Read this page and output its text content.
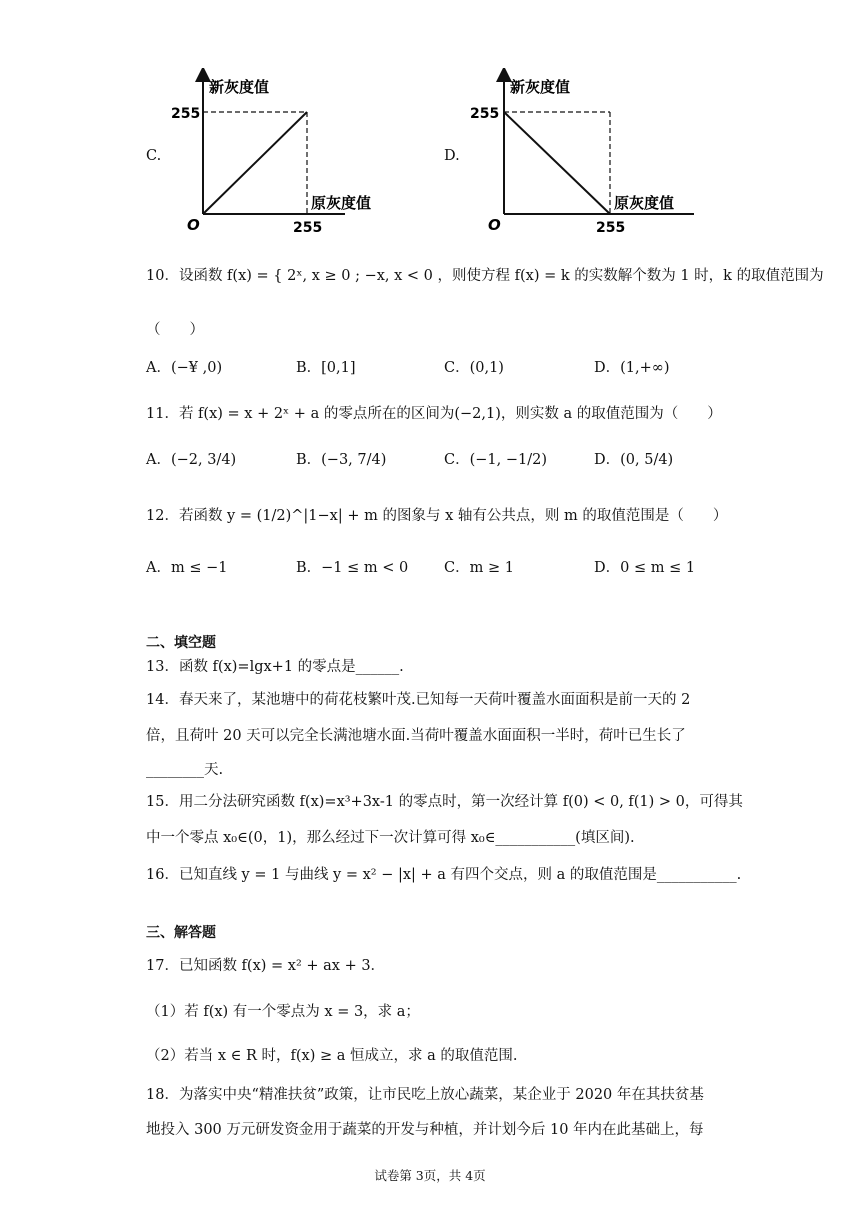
C.
新灰度值
255
O	255
原灰度值
D.
新灰度值
255
O	255
原灰度值
10．设函数 f(x) = { 2ˣ, x ≥ 0 ; −x, x < 0 ，则使方程 f(x) = k 的实数解个数为 1 时，k 的取值范围为
（　　）
A．(−¥ ,0)	B．[0,1]	C．(0,1)	D．(1,+∞)
11．若 f(x) = x + 2ˣ + a 的零点所在的区间为(−2,1)，则实数 a 的取值范围为（　　）
A．(−2, 3/4)	B．(−3, 7/4)	C．(−1, −1/2)	D．(0, 5/4)
12．若函数 y = (1/2)^|1−x| + m 的图象与 x 轴有公共点，则 m 的取值范围是（　　）
A．m ≤ −1	B．−1 ≤ m < 0 C．m ≥ 1	D．0 ≤ m ≤ 1
二、填空题
13．函数 f(x)=lgx+1 的零点是______.
14．春天来了，某池塘中的荷花枝繁叶茂.已知每一天荷叶覆盖水面面积是前一天的 2
倍，且荷叶 20 天可以完全长满池塘水面.当荷叶覆盖水面面积一半时，荷叶已生长了
________天.
15．用二分法研究函数 f(x)=x³+3x-1 的零点时，第一次经计算 f(0) < 0, f(1) > 0，可得其
中一个零点 x₀∈(0，1)，那么经过下一次计算可得 x₀∈___________(填区间).
16．已知直线 y = 1 与曲线 y = x² − |x| + a 有四个交点，则 a 的取值范围是___________.
三、解答题
17．已知函数 f(x) = x² + ax + 3．
（1）若 f(x) 有一个零点为 x = 3，求 a；
（2）若当 x ∈ R 时，f(x) ≥ a 恒成立，求 a 的取值范围.
18．为落实中央“精准扶贫”政策，让市民吃上放心蔬菜，某企业于 2020 年在其扶贫基
地投入 300 万元研发资金用于蔬菜的开发与种植，并计划今后 10 年内在此基础上，每
试卷第 3页，共 4页
